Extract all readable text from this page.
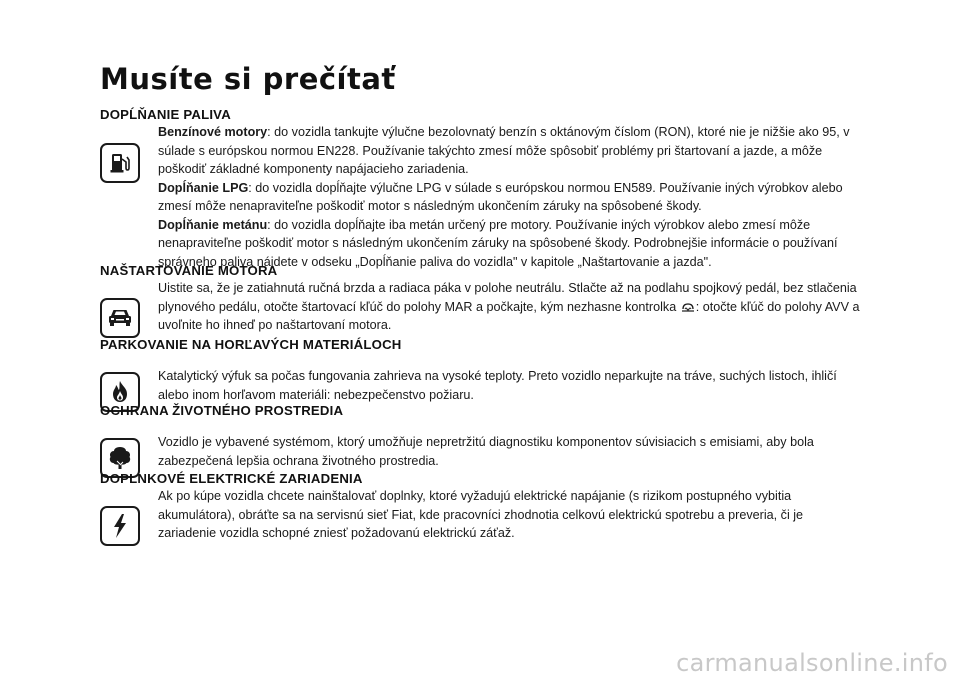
Musíte si prečítať
DOPĹŇANIE PALIVA

Benzínové motory: do vozidla tankujte výlučne bezolovnatý benzín s oktánovým číslom (RON), ktoré nie je nižšie ako 95, v súlade s európskou normou EN228. Používanie takýchto zmesí môže spôsobiť problémy pri štartovaní a jazde, a môže poškodiť základné komponenty napájacieho zariadenia.

Dopĺňanie LPG: do vozidla dopĺňajte výlučne LPG v súlade s európskou normou EN589. Používanie iných výrobkov alebo zmesí môže nenapraviteľne poškodiť motor s následným ukončením záruky na spôsobené škody.

Dopĺňanie metánu: do vozidla dopĺňajte iba metán určený pre motory. Používanie iných výrobkov alebo zmesí môže nenapraviteľne poškodiť motor s následným ukončením záruky na spôsobené škody. Podrobnejšie informácie o používaní správneho paliva nájdete v odseku „Dopĺňanie paliva do vozidla" v kapitole „Naštartovanie a jazda".

NAŠTARTOVANIE MOTORA

Uistite sa, že je zatiahnutá ručná brzda a radiaca páka v polohe neutrálu. Stlačte až na podlahu spojkový pedál, bez stlačenia plynového pedálu, otočte štartovací kľúč do polohy MAR a počkajte, kým nezhasne kontrolka : otočte kľúč do polohy AVV a uvoľnite ho ihneď po naštartovaní motora.

PARKOVANIE NA HORĽAVÝCH MATERIÁLOCH

Katalytický výfuk sa počas fungovania zahrieva na vysoké teploty. Preto vozidlo neparkujte na tráve, suchých listoch, ihličí alebo inom horľavom materiáli: nebezpečenstvo požiaru.

OCHRANA ŽIVOTNÉHO PROSTREDIA

Vozidlo je vybavené systémom, ktorý umožňuje nepretržitú diagnostiku komponentov súvisiacich s emisiami, aby bola zabezpečená lepšia ochrana životného prostredia.

DOPLNKOVÉ ELEKTRICKÉ ZARIADENIA

Ak po kúpe vozidla chcete nainštalovať doplnky, ktoré vyžadujú elektrické napájanie (s rizikom postupného vybitia akumulátora), obráťte sa na servisnú sieť Fiat, kde pracovníci zhodnotia celkovú elektrickú spotrebu a preveria, či je zariadenie vozidla schopné zniesť požadovanú elektrickú záťaž.

carmanualsonline.info
